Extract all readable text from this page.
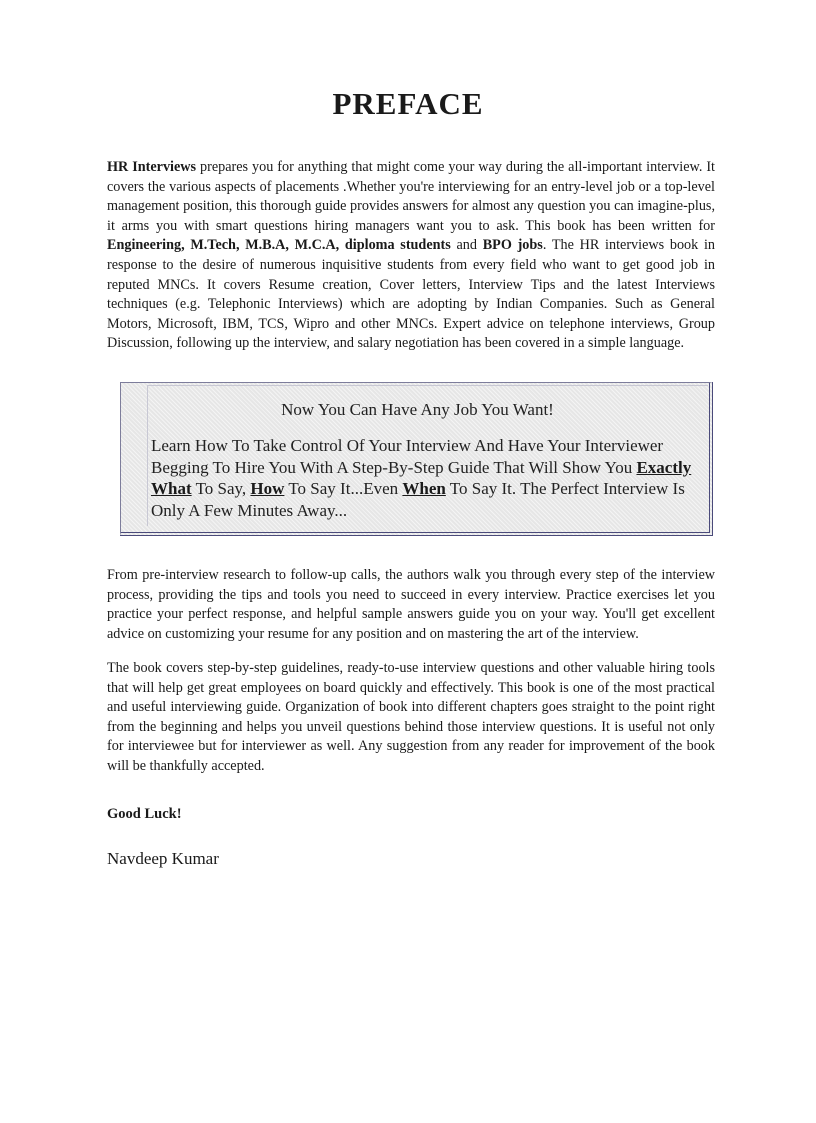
PREFACE

HR Interviews prepares you for anything that might come your way during the all-important interview. It covers the various aspects of placements .Whether you're interviewing for an entry-level job or a top-level management position, this thorough guide provides answers for almost any question you can imagine-plus, it arms you with smart questions hiring managers want you to ask. This book has been written for Engineering, M.Tech, M.B.A, M.C.A, diploma students and BPO jobs. The HR interviews book in response to the desire of numerous inquisitive students from every field who want to get good job in reputed MNCs. It covers Resume creation, Cover letters, Interview Tips and the latest Interviews techniques (e.g. Telephonic Interviews) which are adopting by Indian Companies. Such as General Motors, Microsoft, IBM, TCS, Wipro and other MNCs. Expert advice on telephone interviews, Group Discussion, following up the interview, and salary negotiation has been covered in a simple language.

Now You Can Have Any Job You Want!

Learn How To Take Control Of Your Interview And Have Your Interviewer Begging To Hire You With A Step-By-Step Guide That Will Show You Exactly What To Say, How To Say It...Even When To Say It. The Perfect Interview Is Only A Few Minutes Away...

From pre-interview research to follow-up calls, the authors walk you through every step of the interview process, providing the tips and tools you need to succeed in every interview. Practice exercises let you practice your perfect response, and helpful sample answers guide you on your way. You'll get excellent advice on customizing your resume for any position and on mastering the art of the interview.

The book covers step-by-step guidelines, ready-to-use interview questions and other valuable hiring tools that will help get great employees on board quickly and effectively. This book is one of the most practical and useful interviewing guide. Organization of book into different chapters goes straight to the point right from the beginning and helps you unveil questions behind those interview questions. It is useful not only for interviewee but for interviewer as well. Any suggestion from any reader for improvement of the book will be thankfully accepted.

Good Luck!

Navdeep Kumar
